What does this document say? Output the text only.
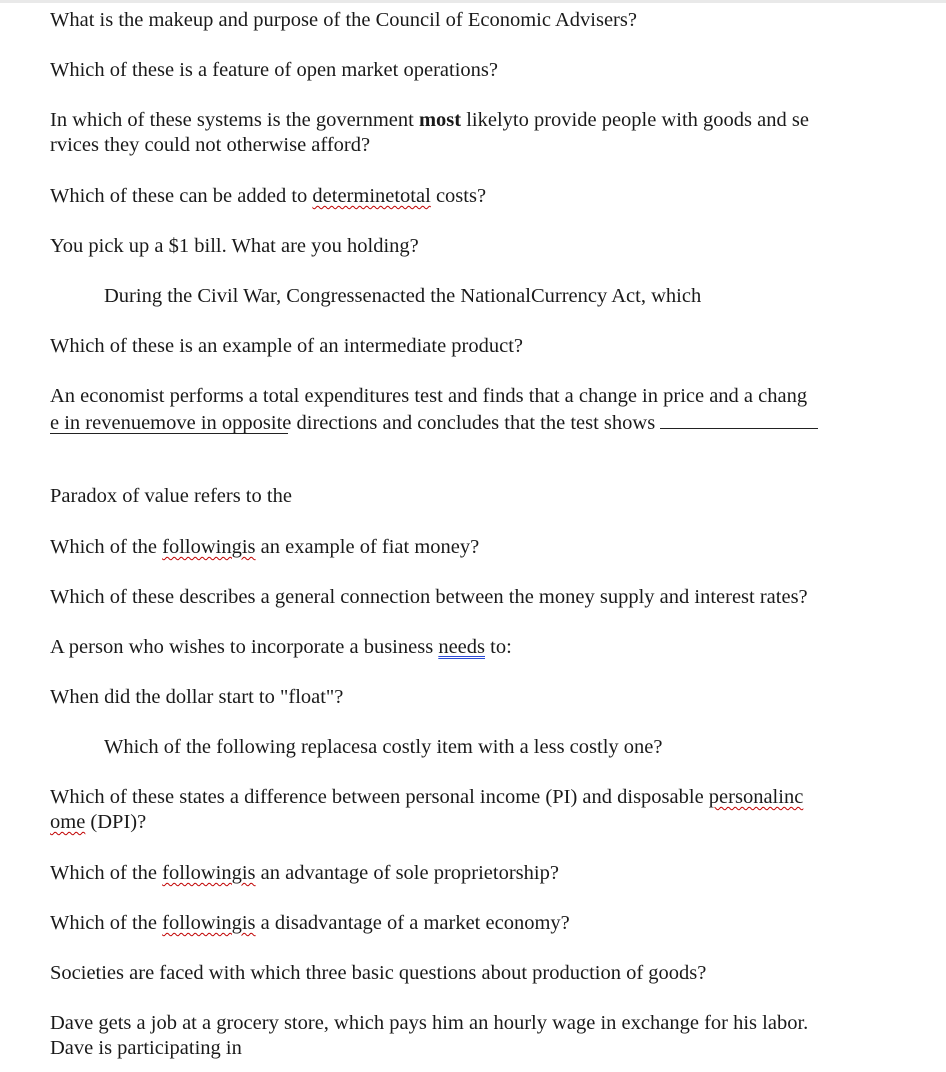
What is the makeup and purpose of the Council of Economic Advisers?
Which of these is a feature of open market operations?
In which of these systems is the government most likelyto provide people with goods and se
rvices they could not otherwise afford?
Which of these can be added to determinetotal costs?
You pick up a $1 bill. What are you holding?
During the Civil War, Congressenacted the NationalCurrency Act, which
Which of these is an example of an intermediate product?
An economist performs a total expenditures test and finds that a change in price and a chang
e in revenuemove in opposite directions and concludes that the test shows
Paradox of value refers to the
Which of the followingis an example of fiat money?
Which of these describes a general connection between the money supply and interest rates?
A person who wishes to incorporate a business needs to:
When did the dollar start to "float"?
Which of the following replacesa costly item with a less costly one?
Which of these states a difference between personal income (PI) and disposable personalinc
ome (DPI)?
Which of the followingis an advantage of sole proprietorship?
Which of the followingis a disadvantage of a market economy?
Societies are faced with which three basic questions about production of goods?
Dave gets a job at a grocery store, which pays him an hourly wage in exchange for his labor. Dave is participating in
